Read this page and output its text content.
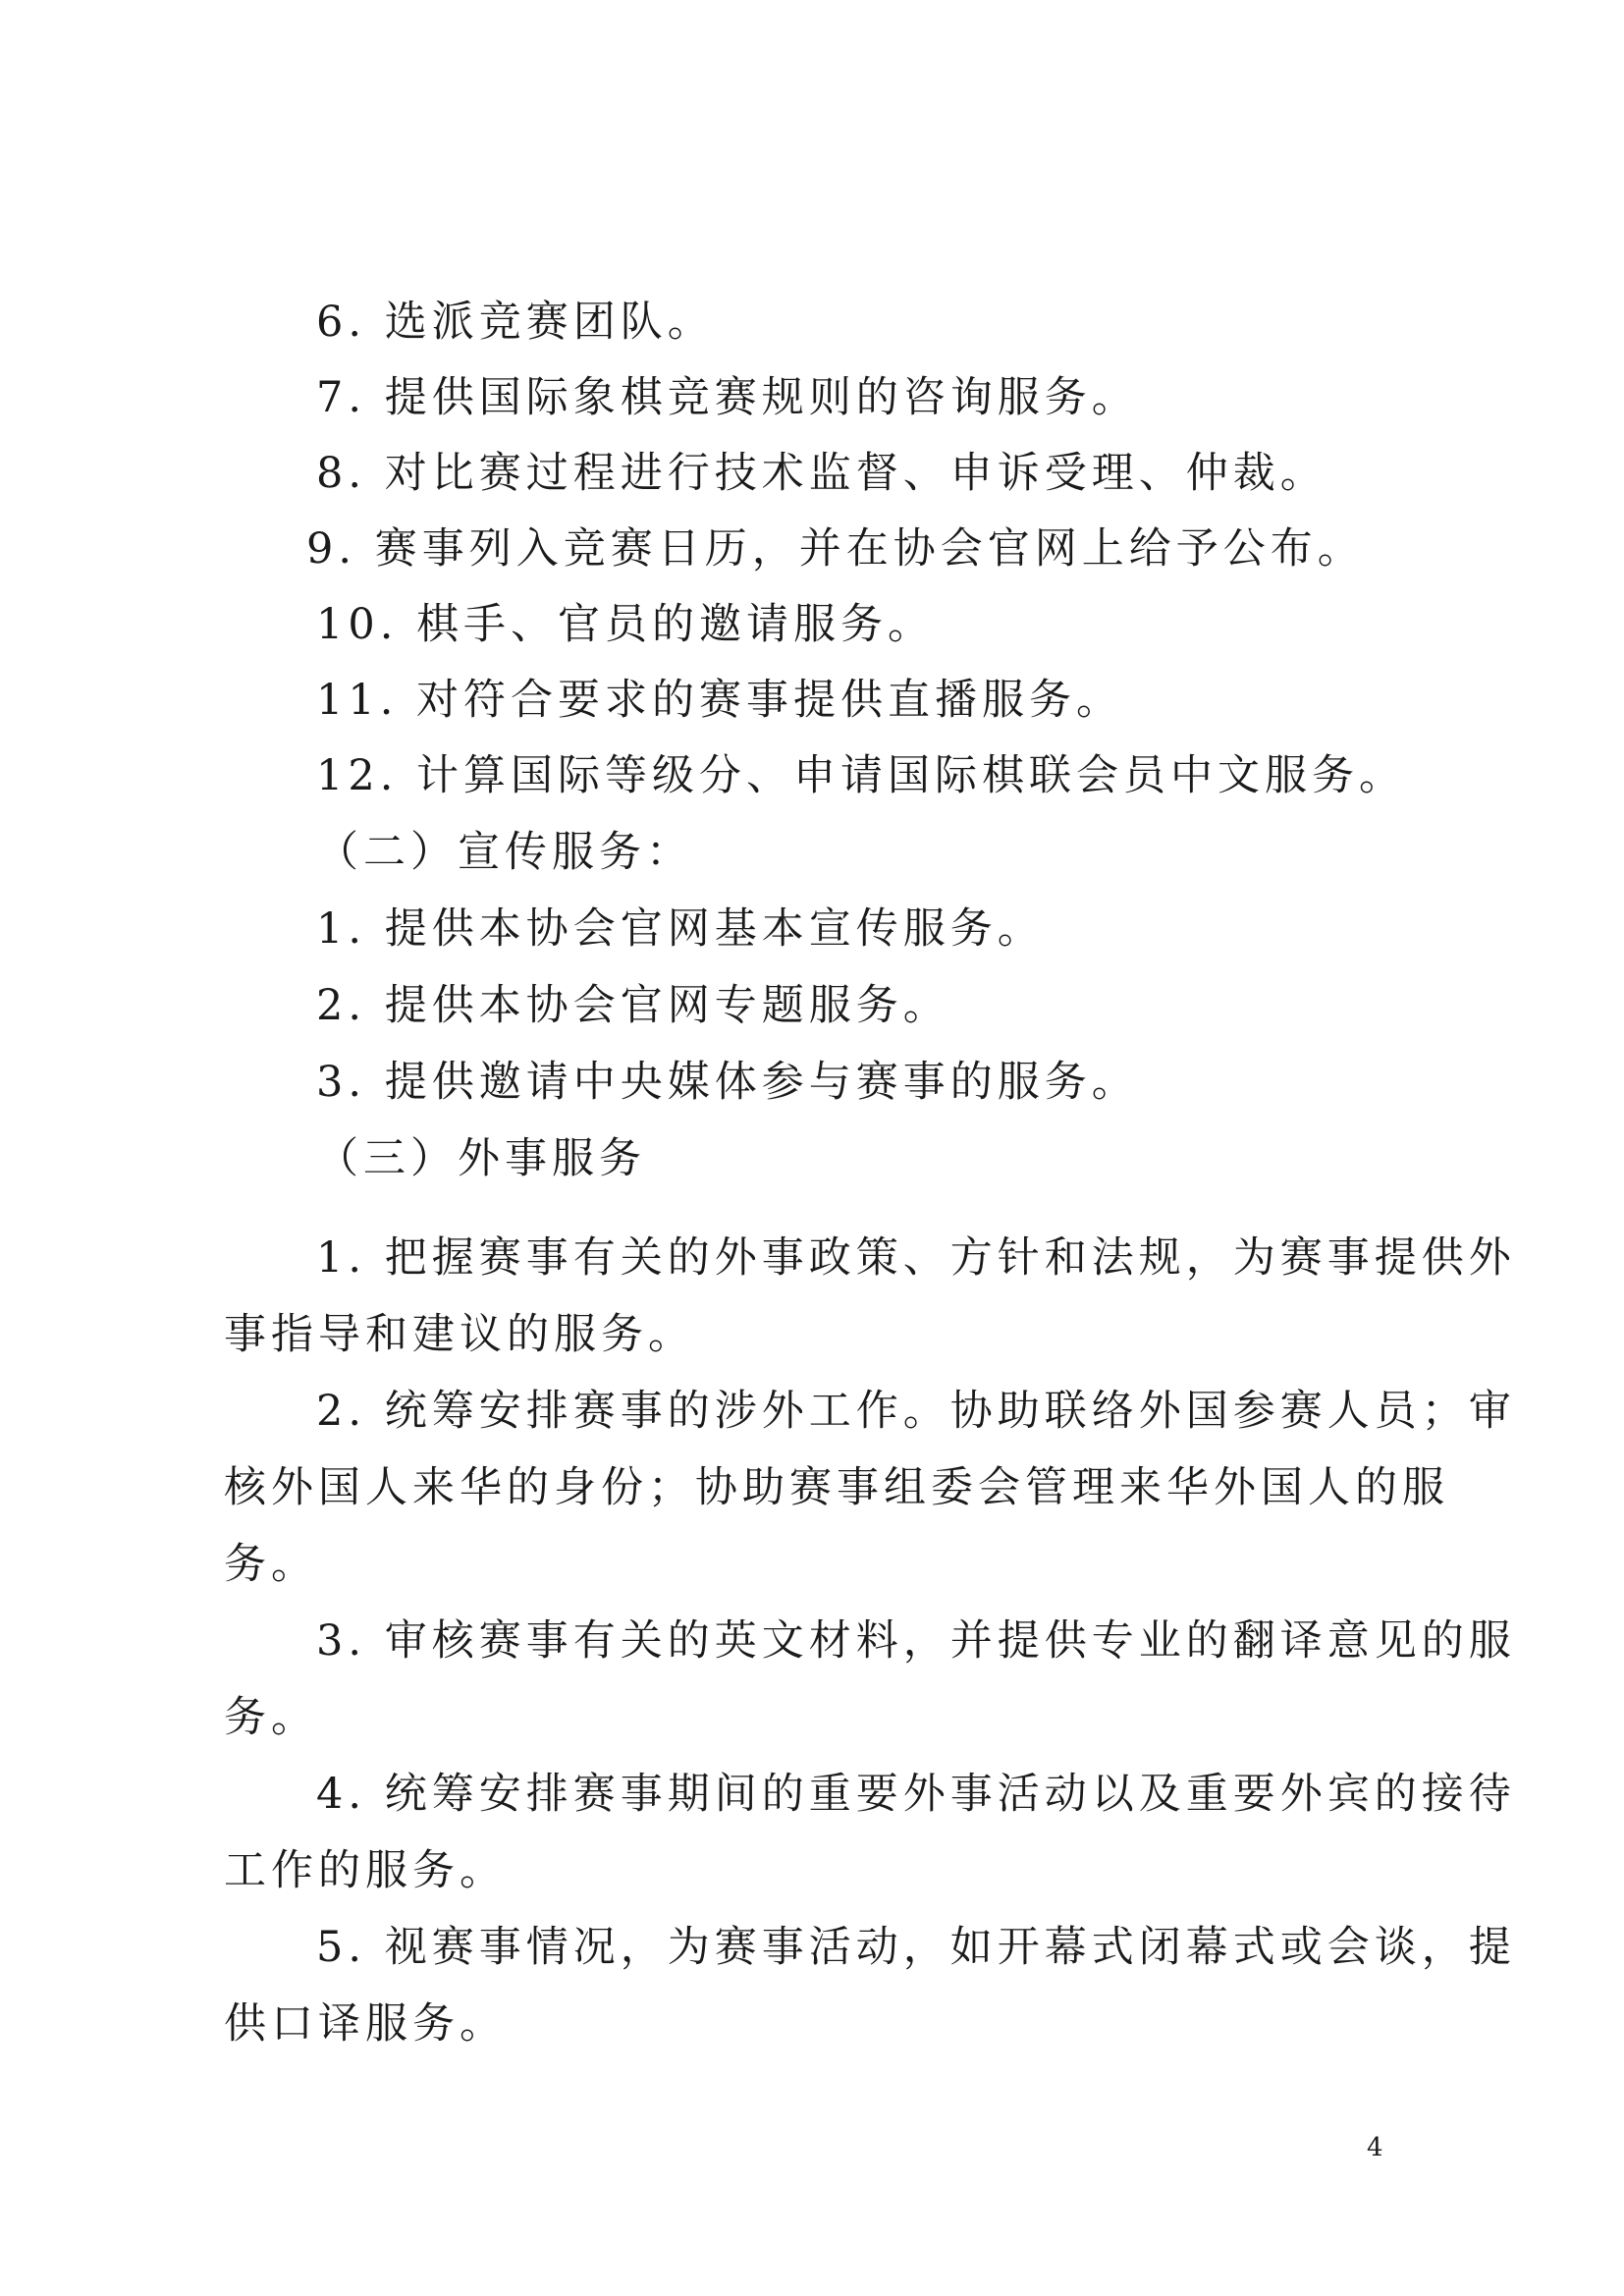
6. 选派竞赛团队。
7. 提供国际象棋竞赛规则的咨询服务。
8. 对比赛过程进行技术监督、申诉受理、仲裁。
9. 赛事列入竞赛日历，并在协会官网上给予公布。
10. 棋手、官员的邀请服务。
11. 对符合要求的赛事提供直播服务。
12. 计算国际等级分、申请国际棋联会员中文服务。
（二）宣传服务：
1. 提供本协会官网基本宣传服务。
2. 提供本协会官网专题服务。
3. 提供邀请中央媒体参与赛事的服务。
（三）外事服务
1. 把握赛事有关的外事政策、方针和法规，为赛事提供外
事指导和建议的服务。
2. 统筹安排赛事的涉外工作。协助联络外国参赛人员；审
核外国人来华的身份；协助赛事组委会管理来华外国人的服
务。
3. 审核赛事有关的英文材料，并提供专业的翻译意见的服
务。
4. 统筹安排赛事期间的重要外事活动以及重要外宾的接待
工作的服务。
5. 视赛事情况，为赛事活动，如开幕式闭幕式或会谈，提
供口译服务。
4
